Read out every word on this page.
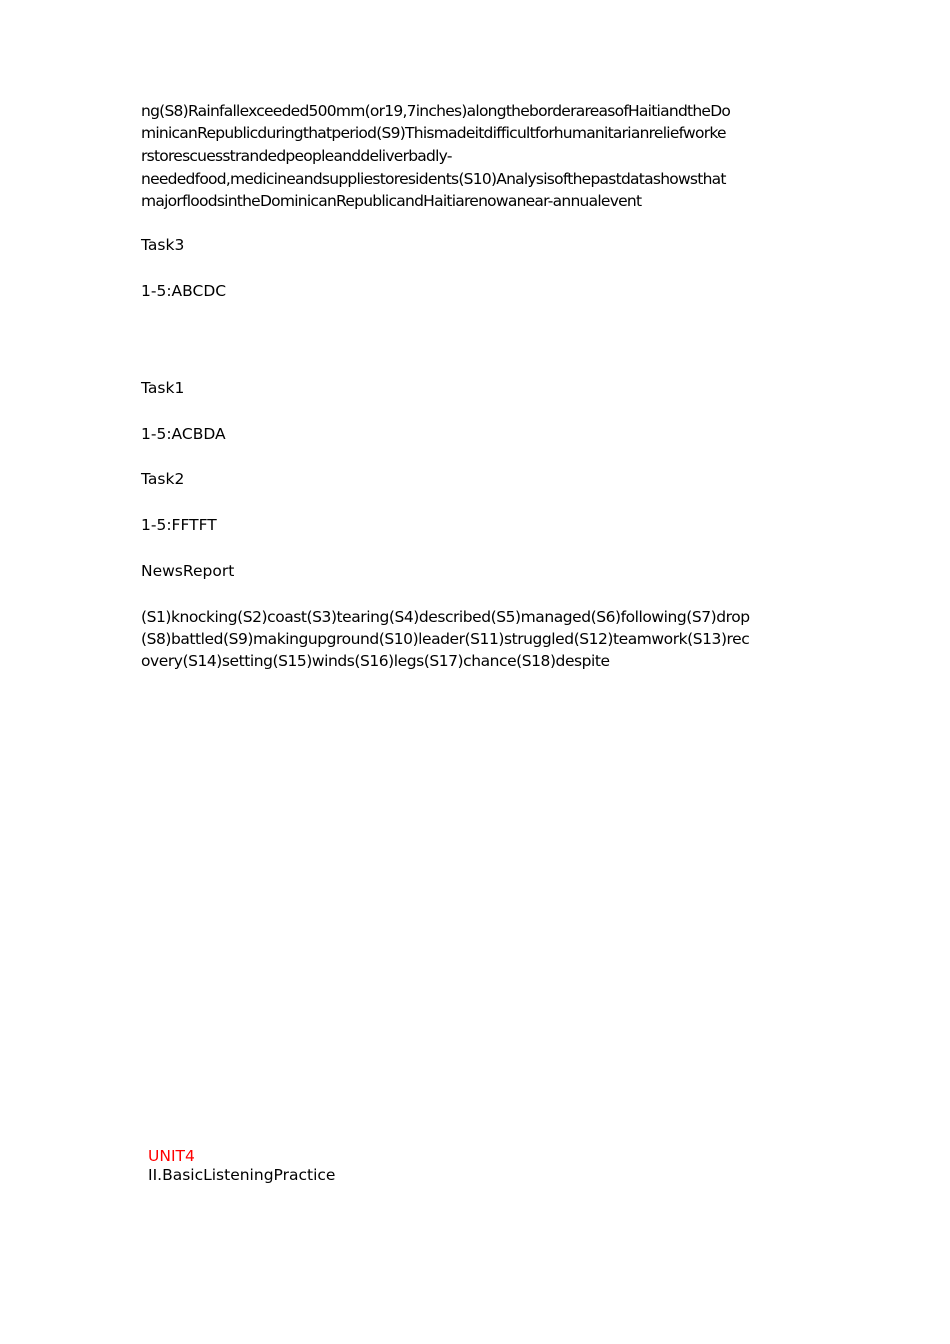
ng(S8)Rainfallexceeded500mm(or19,7inches)alongtheborderareasofHaitiandtheDo
minicanRepublicduringthatperiod(S9)Thismadeitdifficultforhumanitarianreliefworke
rstorescuesstrandedpeopleanddeliverbadly-
neededfood,medicineandsuppliestoresidents(S10)Analysisofthepastdatashowsthat
majorfloodsintheDominicanRepublicandHaitiarenowanear-annualevent
Task3
1-5:ABCDC
Task1
1-5:ACBDA
Task2
1-5:FFTFT
NewsReport
(S1)knocking(S2)coast(S3)tearing(S4)described(S5)managed(S6)following(S7)drop
(S8)battled(S9)makingupground(S10)leader(S11)struggled(S12)teamwork(S13)rec
overy(S14)setting(S15)winds(S16)legs(S17)chance(S18)despite
UNIT4
II.BasicListeningPractice
